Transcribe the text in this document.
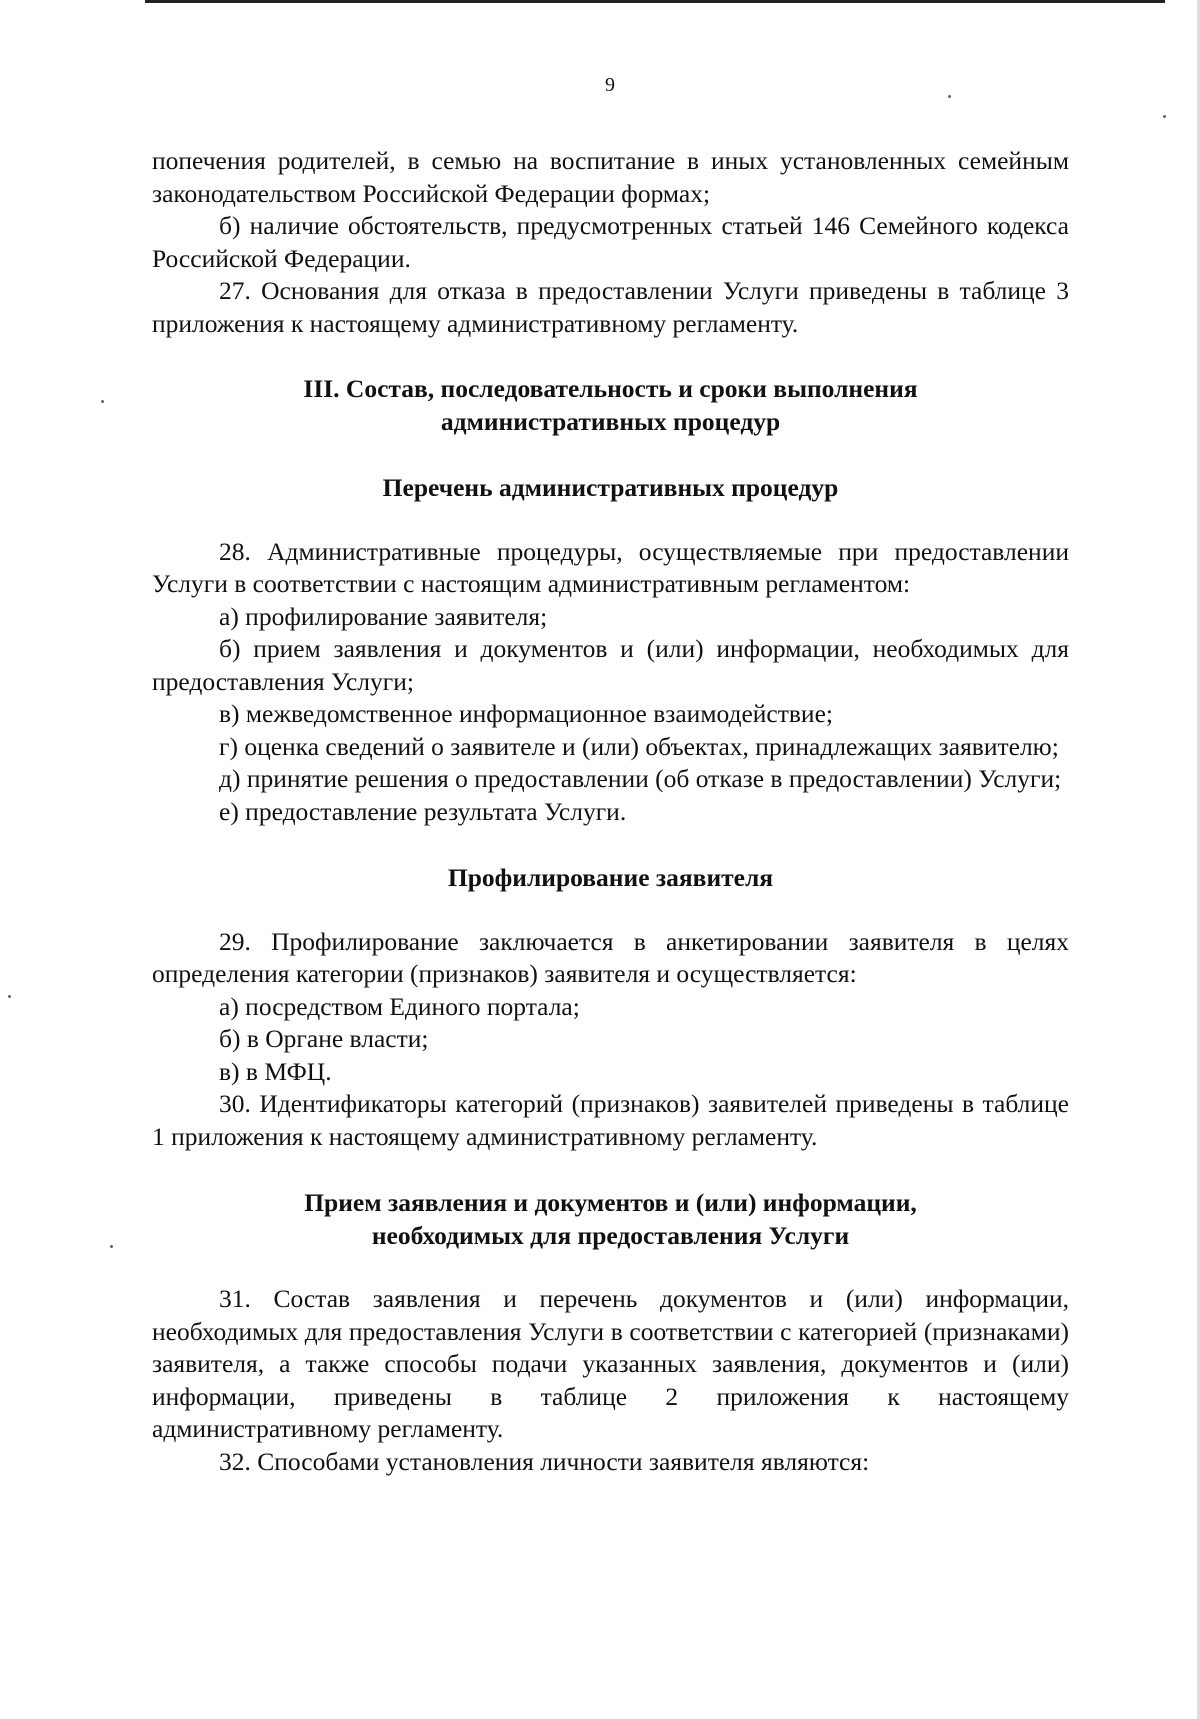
9

попечения родителей, в семью на воспитание в иных установленных семейным законодательством Российской Федерации формах;

б) наличие обстоятельств, предусмотренных статьей 146 Семейного кодекса Российской Федерации.

27. Основания для отказа в предоставлении Услуги приведены в таблице 3 приложения к настоящему административному регламенту.

III. Состав, последовательность и сроки выполнения
административных процедур
Перечень административных процедур

28. Административные процедуры, осуществляемые при предоставлении Услуги в соответствии с настоящим административным регламентом:

а) профилирование заявителя;

б) прием заявления и документов и (или) информации, необходимых для предоставления Услуги;

в) межведомственное информационное взаимодействие;

г) оценка сведений о заявителе и (или) объектах, принадлежащих заявителю;

д) принятие решения о предоставлении (об отказе в предоставлении) Услуги;

е) предоставление результата Услуги.

Профилирование заявителя

29. Профилирование заключается в анкетировании заявителя в целях определения категории (признаков) заявителя и осуществляется:

а) посредством Единого портала;

б) в Органе власти;

в) в МФЦ.

30. Идентификаторы категорий (признаков) заявителей приведены в таблице 1 приложения к настоящему административному регламенту.

Прием заявления и документов и (или) информации,
необходимых для предоставления Услуги

31. Состав заявления и перечень документов и (или) информации, необходимых для предоставления Услуги в соответствии с категорией (признаками) заявителя, а также способы подачи указанных заявления, документов и (или) информации, приведены в таблице 2 приложения к настоящему административному регламенту.

32. Способами установления личности заявителя являются:
